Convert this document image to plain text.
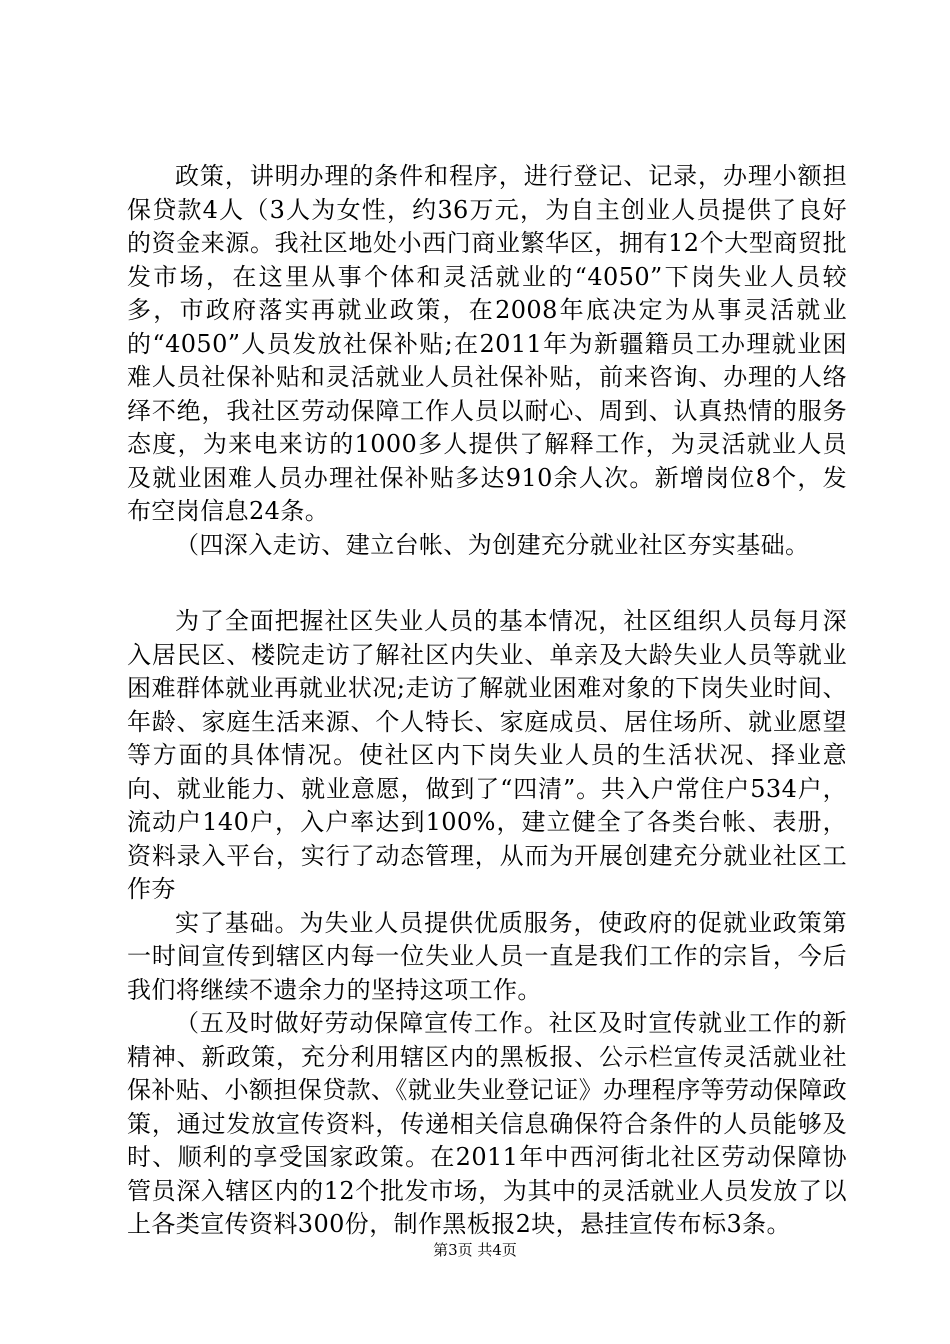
政策，讲明办理的条件和程序，进行登记、记录，办理小额担保贷款4人（3人为女性，约36万元，为自主创业人员提供了良好的资金来源。我社区地处小西门商业繁华区，拥有12个大型商贸批发市场，在这里从事个体和灵活就业的“4050”下岗失业人员较多，市政府落实再就业政策，在2008年底决定为从事灵活就业的“4050”人员发放社保补贴;在2011年为新疆籍员工办理就业困难人员社保补贴和灵活就业人员社保补贴，前来咨询、办理的人络绎不绝，我社区劳动保障工作人员以耐心、周到、认真热情的服务态度，为来电来访的1000多人提供了解释工作，为灵活就业人员及就业困难人员办理社保补贴多达910余人次。新增岗位8个，发布空岗信息24条。

（四深入走访、建立台帐、为创建充分就业社区夯实基础。

为了全面把握社区失业人员的基本情况，社区组织人员每月深入居民区、楼院走访了解社区内失业、单亲及大龄失业人员等就业困难群体就业再就业状况;走访了解就业困难对象的下岗失业时间、年龄、家庭生活来源、个人特长、家庭成员、居住场所、就业愿望等方面的具体情况。使社区内下岗失业人员的生活状况、择业意向、就业能力、就业意愿，做到了“四清”。共入户常住户534户，流动户140户，入户率达到100%，建立健全了各类台帐、表册，资料录入平台，实行了动态管理，从而为开展创建充分就业社区工作夯

实了基础。为失业人员提供优质服务，使政府的促就业政策第一时间宣传到辖区内每一位失业人员一直是我们工作的宗旨，今后我们将继续不遗余力的坚持这项工作。

（五及时做好劳动保障宣传工作。社区及时宣传就业工作的新精神、新政策，充分利用辖区内的黑板报、公示栏宣传灵活就业社保补贴、小额担保贷款、《就业失业登记证》办理程序等劳动保障政策，通过发放宣传资料，传递相关信息确保符合条件的人员能够及时、顺利的享受国家政策。在2011年中西河街北社区劳动保障协管员深入辖区内的12个批发市场，为其中的灵活就业人员发放了以上各类宣传资料300份，制作黑板报2块，悬挂宣传布标3条。

第3页 共4页
